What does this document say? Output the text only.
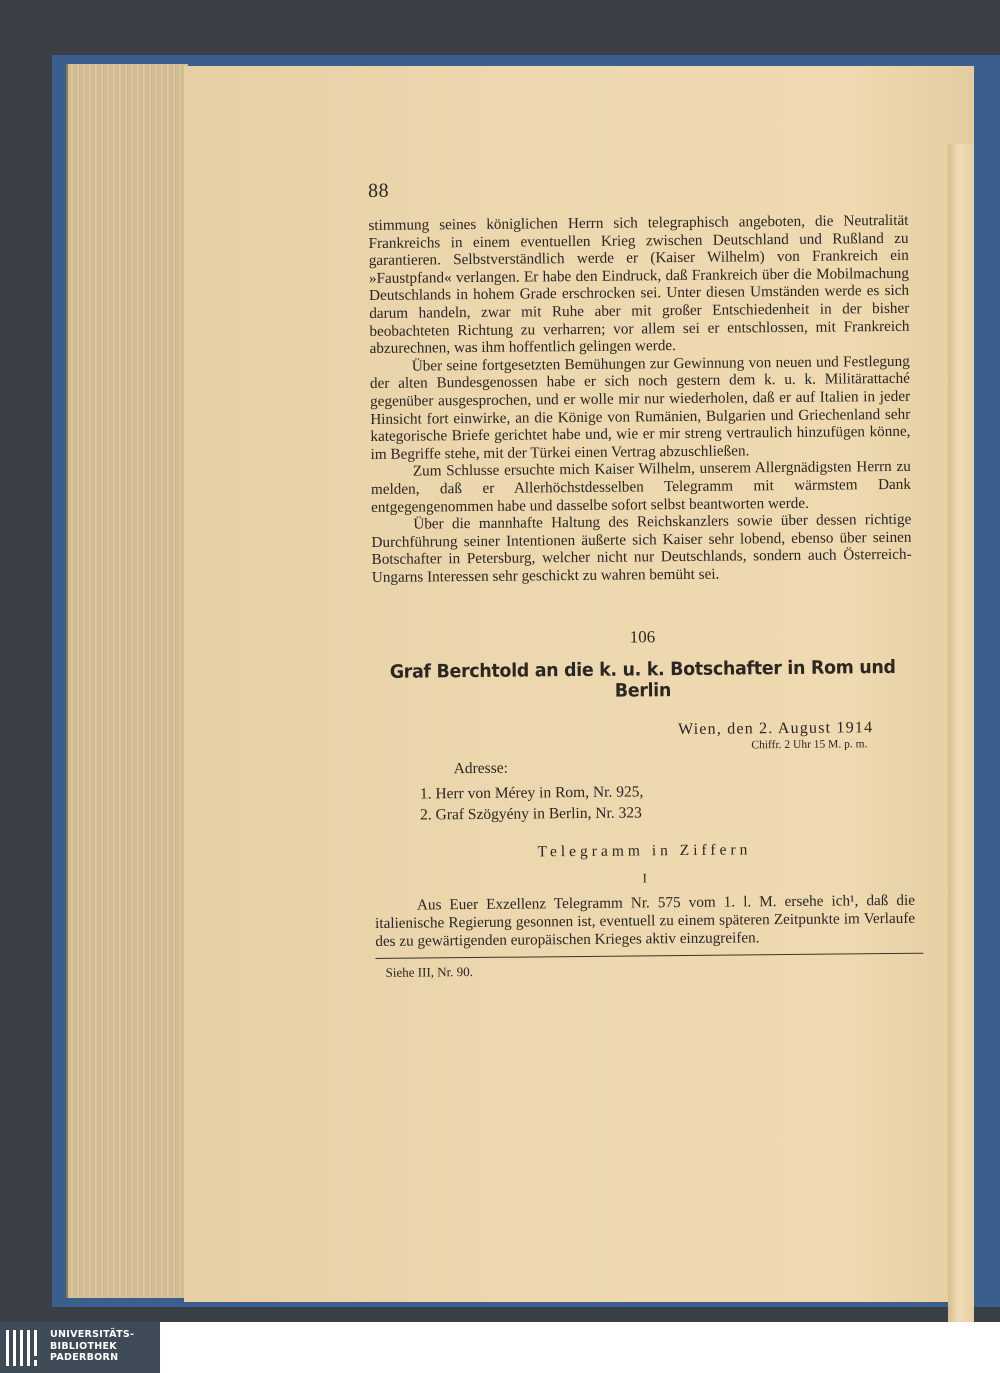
88

stimmung seines königlichen Herrn sich telegraphisch angeboten, die Neutralität Frankreichs in einem eventuellen Krieg zwischen Deutschland und Rußland zu garantieren. Selbstverständlich werde er (Kaiser Wilhelm) von Frankreich ein »Faustpfand« verlangen. Er habe den Eindruck, daß Frankreich über die Mobilmachung Deutschlands in hohem Grade erschrocken sei. Unter diesen Umständen werde es sich darum handeln, zwar mit Ruhe aber mit großer Entschiedenheit in der bisher beobachteten Richtung zu verharren; vor allem sei er entschlossen, mit Frankreich abzurechnen, was ihm hoffentlich gelingen werde.

Über seine fortgesetzten Bemühungen zur Gewinnung von neuen und Festlegung der alten Bundesgenossen habe er sich noch gestern dem k. u. k. Militärattaché gegenüber ausgesprochen, und er wolle mir nur wiederholen, daß er auf Italien in jeder Hinsicht fort einwirke, an die Könige von Rumänien, Bulgarien und Griechenland sehr kategorische Briefe gerichtet habe und, wie er mir streng vertraulich hinzufügen könne, im Begriffe stehe, mit der Türkei einen Vertrag abzuschließen.

Zum Schlusse ersuchte mich Kaiser Wilhelm, unserem Allergnädigsten Herrn zu melden, daß er Allerhöchstdesselben Telegramm mit wärmstem Dank entgegengenommen habe und dasselbe sofort selbst beantworten werde.

Über die mannhafte Haltung des Reichskanzlers sowie über dessen richtige Durchführung seiner Intentionen äußerte sich Kaiser sehr lobend, ebenso über seinen Botschafter in Petersburg, welcher nicht nur Deutschlands, sondern auch Österreich-Ungarns Interessen sehr geschickt zu wahren bemüht sei.

106
Graf Berchtold an die k. u. k. Botschafter in Rom und Berlin
Wien, den 2. August 1914
Chiffr. 2 Uhr 15 M. p. m.
Adresse:
1. Herr von Mérey in Rom, Nr. 925,
2. Graf Szögyény in Berlin, Nr. 323
Telegramm in Ziffern
I

Aus Euer Exzellenz Telegramm Nr. 575 vom 1. l. M. ersehe ich¹, daß die italienische Regierung gesonnen ist, eventuell zu einem späteren Zeitpunkte im Verlaufe des zu gewärtigenden europäischen Krieges aktiv einzugreifen.

Siehe III, Nr. 90.
UNIVERSITÄTS-
BIBLIOTHEK
PADERBORN
